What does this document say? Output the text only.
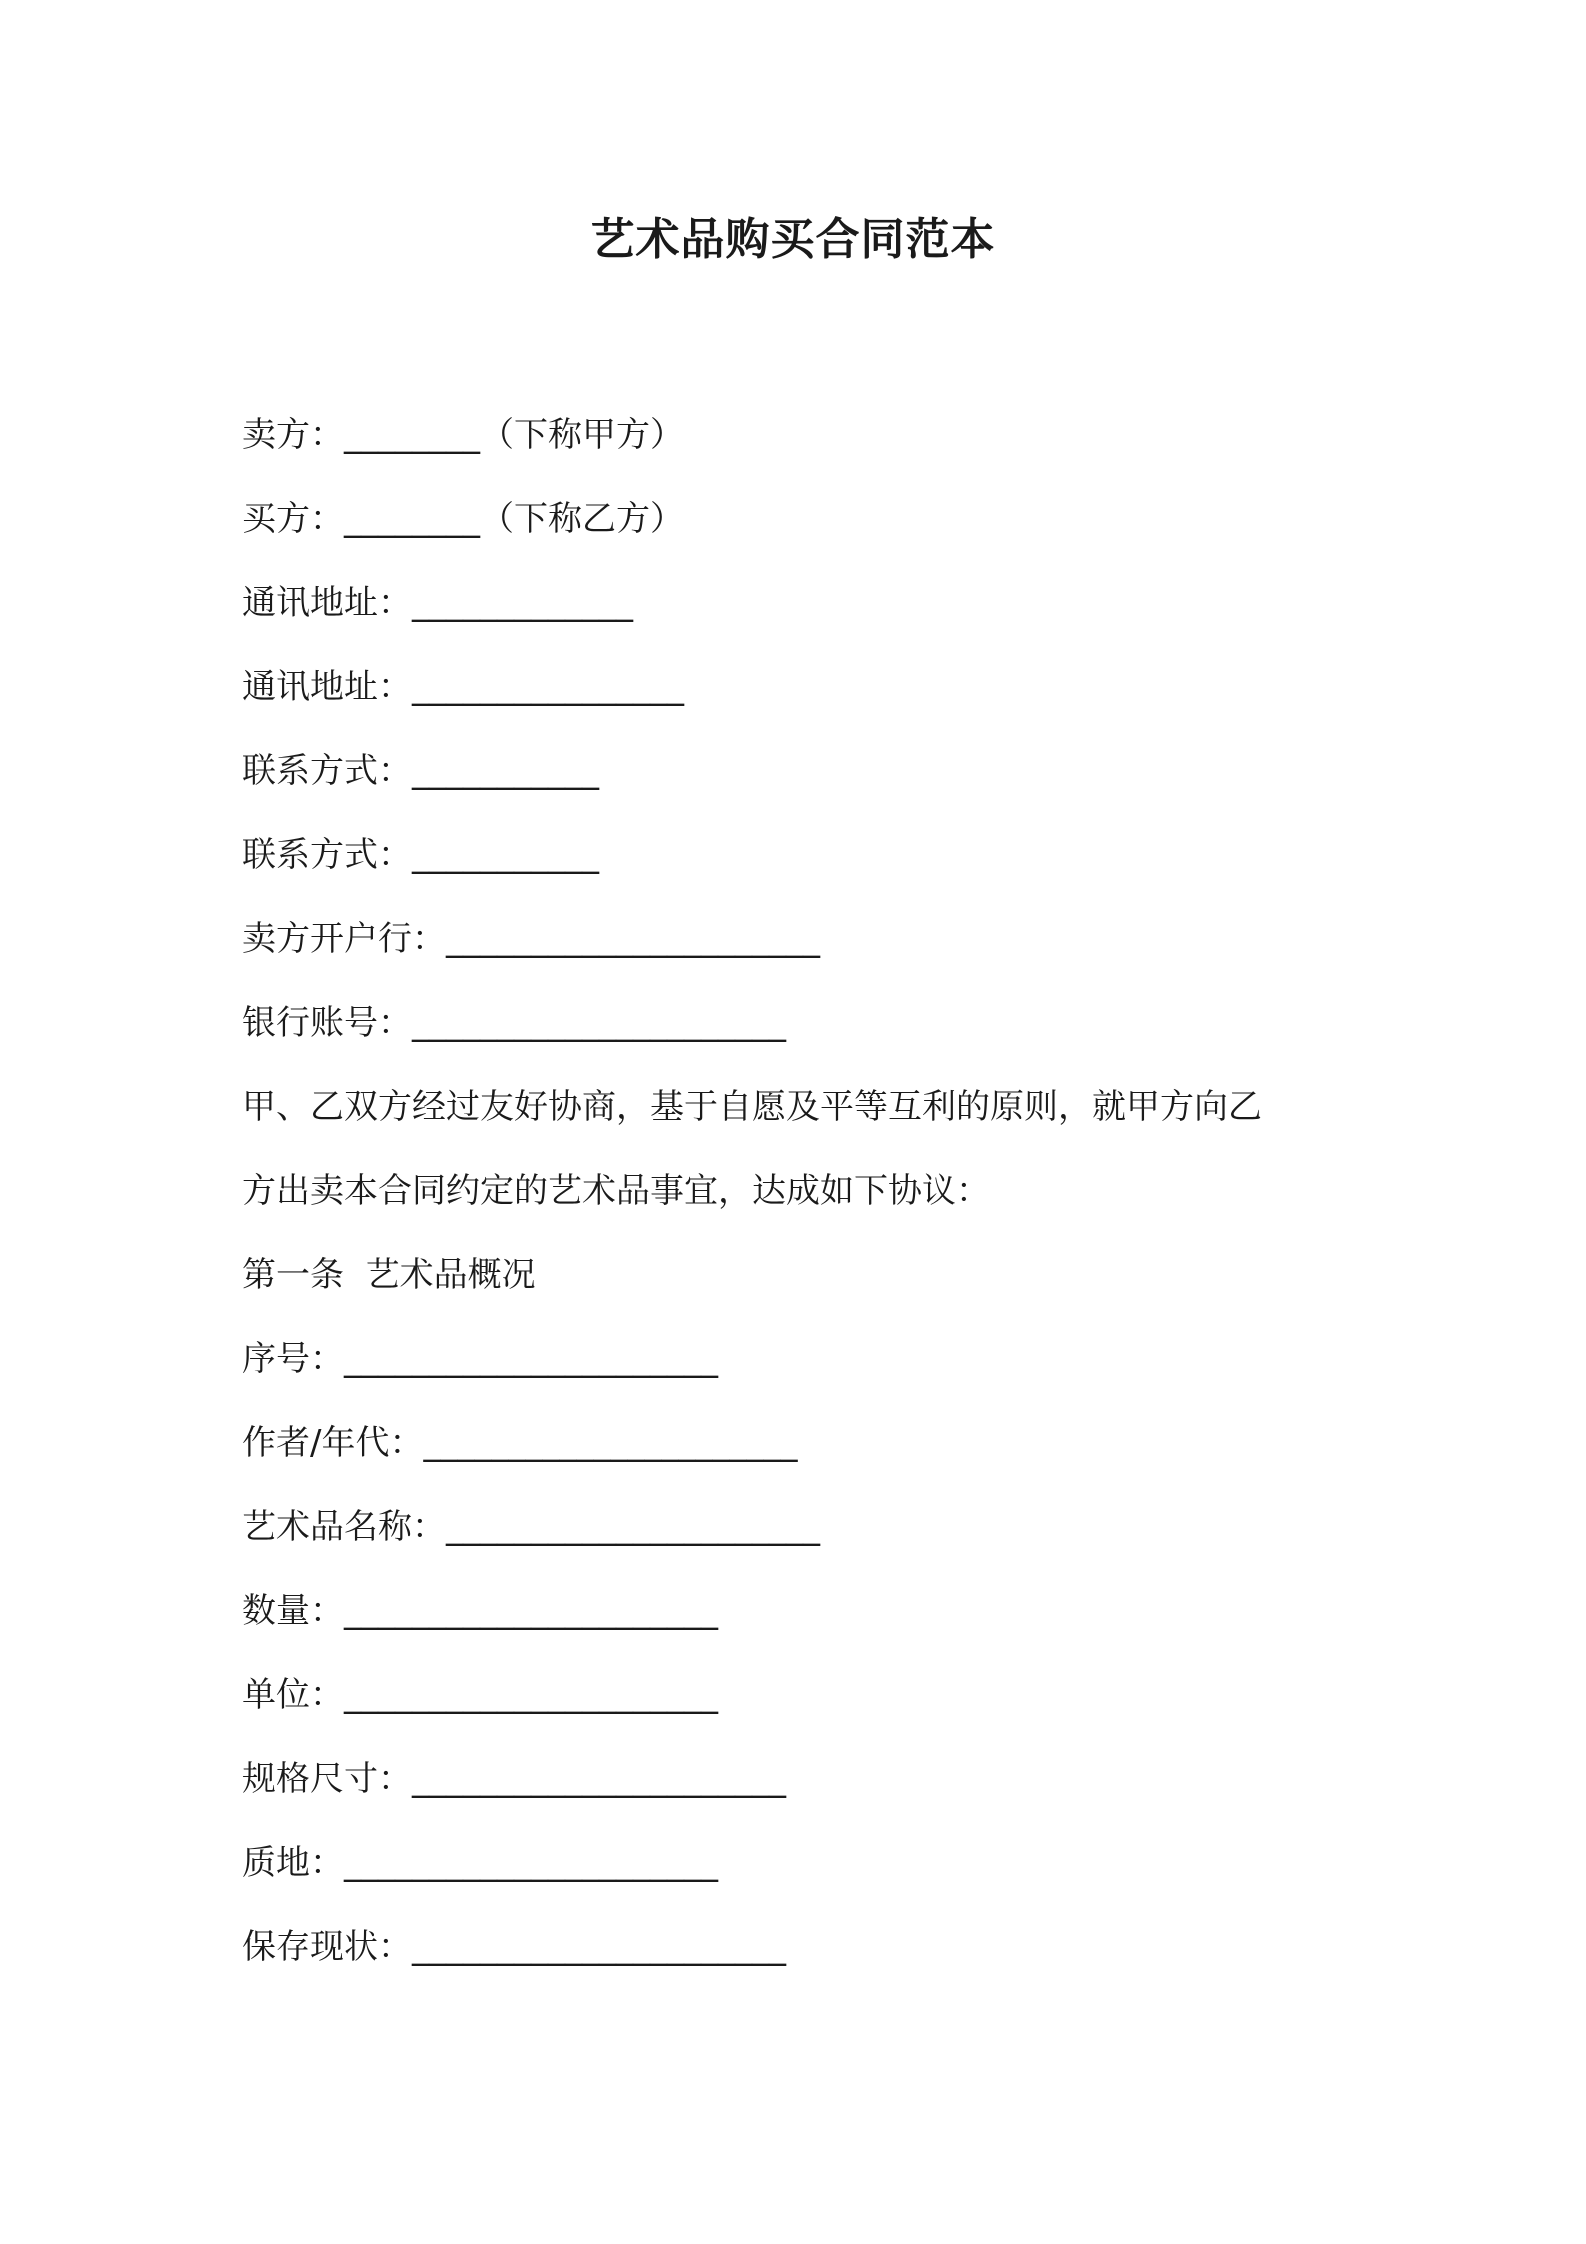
艺术品购买合同范本
卖方：________（下称甲方）
买方：________（下称乙方）
通讯地址：_____________
通讯地址：________________
联系方式：___________
联系方式：___________
卖方开户行：______________________
银行账号：______________________
甲、乙双方经过友好协商，基于自愿及平等互利的原则，就甲方向乙
方出卖本合同约定的艺术品事宜，达成如下协议：
第一条  艺术品概况
序号：______________________
作者/年代：______________________
艺术品名称：______________________
数量：______________________
单位：______________________
规格尺寸：______________________
质地：______________________
保存现状：______________________
